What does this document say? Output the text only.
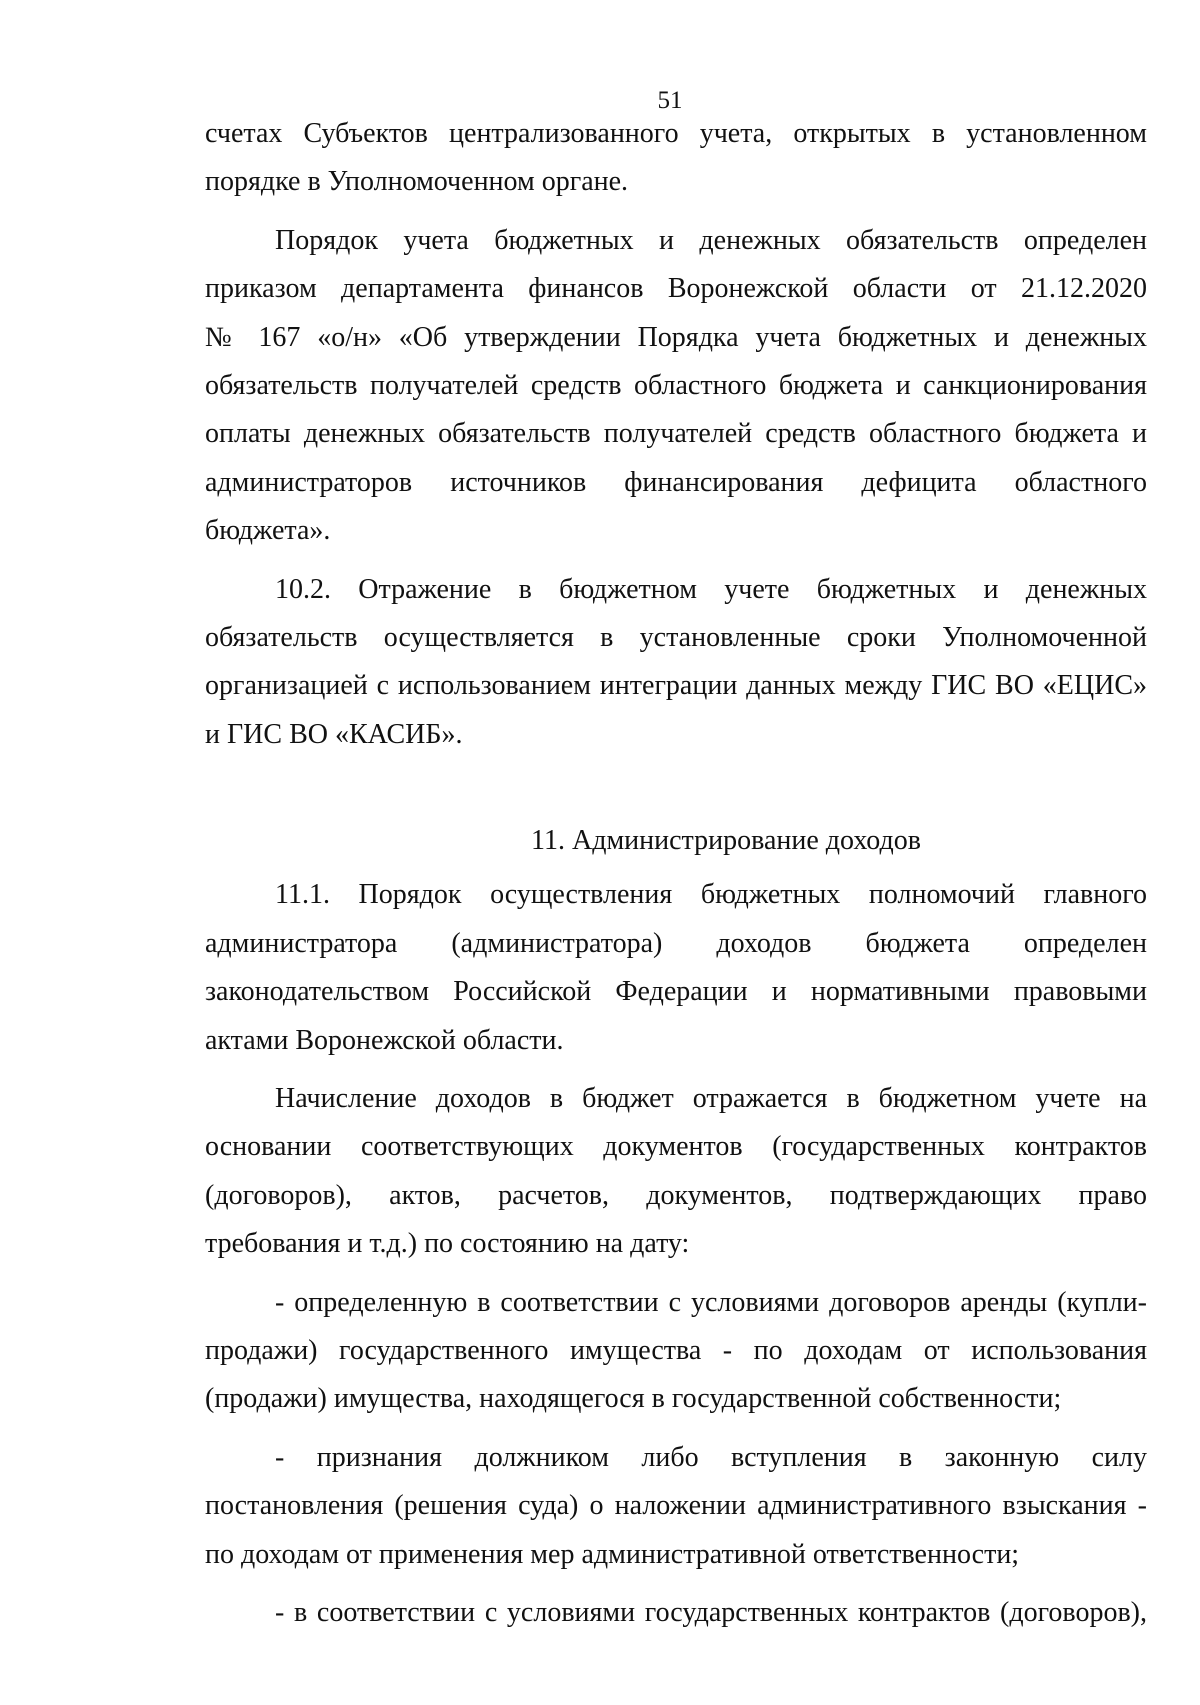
51
счетах Субъектов централизованного учета, открытых в установленном
порядке в Уполномоченном органе.
Порядок учета бюджетных и денежных обязательств определен
приказом департамента финансов Воронежской области от 21.12.2020
№ 167 «о/н» «Об утверждении Порядка учета бюджетных и денежных
обязательств получателей средств областного бюджета и санкционирования
оплаты денежных обязательств получателей средств областного бюджета и
администраторов источников финансирования дефицита областного
бюджета».
10.2. Отражение в бюджетном учете бюджетных и денежных
обязательств осуществляется в установленные сроки Уполномоченной
организацией с использованием интеграции данных между ГИС ВО «ЕЦИС»
и ГИС ВО «КАСИБ».
11. Администрирование доходов
11.1. Порядок осуществления бюджетных полномочий главного
администратора (администратора) доходов бюджета определен
законодательством Российской Федерации и нормативными правовыми
актами Воронежской области.
Начисление доходов в бюджет отражается в бюджетном учете на
основании соответствующих документов (государственных контрактов
(договоров), актов, расчетов, документов, подтверждающих право
требования и т.д.) по состоянию на дату:
- определенную в соответствии с условиями договоров аренды (купли-
продажи) государственного имущества - по доходам от использования
(продажи) имущества, находящегося в государственной собственности;
- признания должником либо вступления в законную силу
постановления (решения суда) о наложении административного взыскания -
по доходам от применения мер административной ответственности;
- в соответствии с условиями государственных контрактов (договоров),
